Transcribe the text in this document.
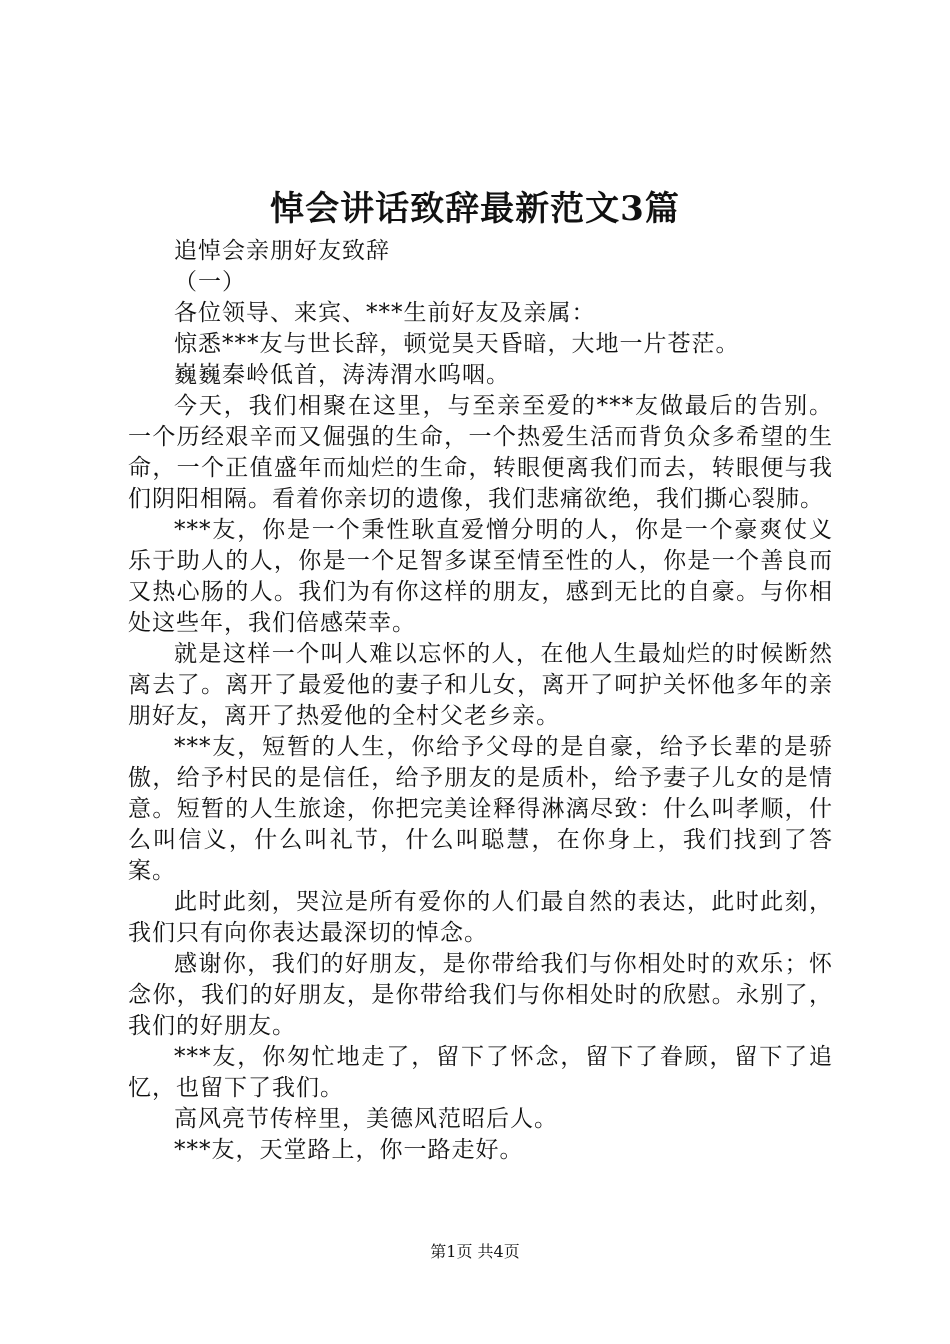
悼会讲话致辞最新范文3篇

追悼会亲朋好友致辞

（一）

各位领导、来宾、***生前好友及亲属：

惊悉***友与世长辞，顿觉昊天昏暗，大地一片苍茫。

巍巍秦岭低首，涛涛渭水呜咽。

今天，我们相聚在这里，与至亲至爱的***友做最后的告别。一个历经艰辛而又倔强的生命，一个热爱生活而背负众多希望的生命，一个正值盛年而灿烂的生命，转眼便离我们而去，转眼便与我们阴阳相隔。看着你亲切的遗像，我们悲痛欲绝，我们撕心裂肺。

***友，你是一个秉性耿直爱憎分明的人，你是一个豪爽仗义乐于助人的人，你是一个足智多谋至情至性的人，你是一个善良而又热心肠的人。我们为有你这样的朋友，感到无比的自豪。与你相处这些年，我们倍感荣幸。

就是这样一个叫人难以忘怀的人，在他人生最灿烂的时候断然离去了。离开了最爱他的妻子和儿女，离开了呵护关怀他多年的亲朋好友，离开了热爱他的全村父老乡亲。

***友，短暂的人生，你给予父母的是自豪，给予长辈的是骄傲，给予村民的是信任，给予朋友的是质朴，给予妻子儿女的是情意。短暂的人生旅途，你把完美诠释得淋漓尽致：什么叫孝顺，什么叫信义，什么叫礼节，什么叫聪慧，在你身上，我们找到了答案。

此时此刻，哭泣是所有爱你的人们最自然的表达，此时此刻，我们只有向你表达最深切的悼念。

感谢你，我们的好朋友，是你带给我们与你相处时的欢乐；怀念你，我们的好朋友，是你带给我们与你相处时的欣慰。永别了，我们的好朋友。

***友，你匆忙地走了，留下了怀念，留下了眷顾，留下了追忆，也留下了我们。

高风亮节传梓里，美德风范昭后人。

***友，天堂路上，你一路走好。

第1页 共4页
